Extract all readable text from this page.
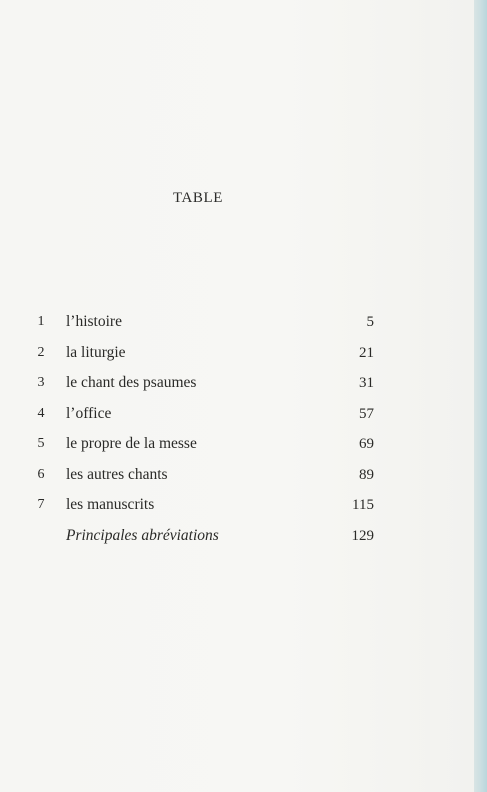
TABLE
1 l’histoire	5
2 la liturgie	21
3 le chant des psaumes	31
4 l’office	57
5 le propre de la messe	69
6 les autres chants	89
7 les manuscrits	115
Principales abréviations	129
